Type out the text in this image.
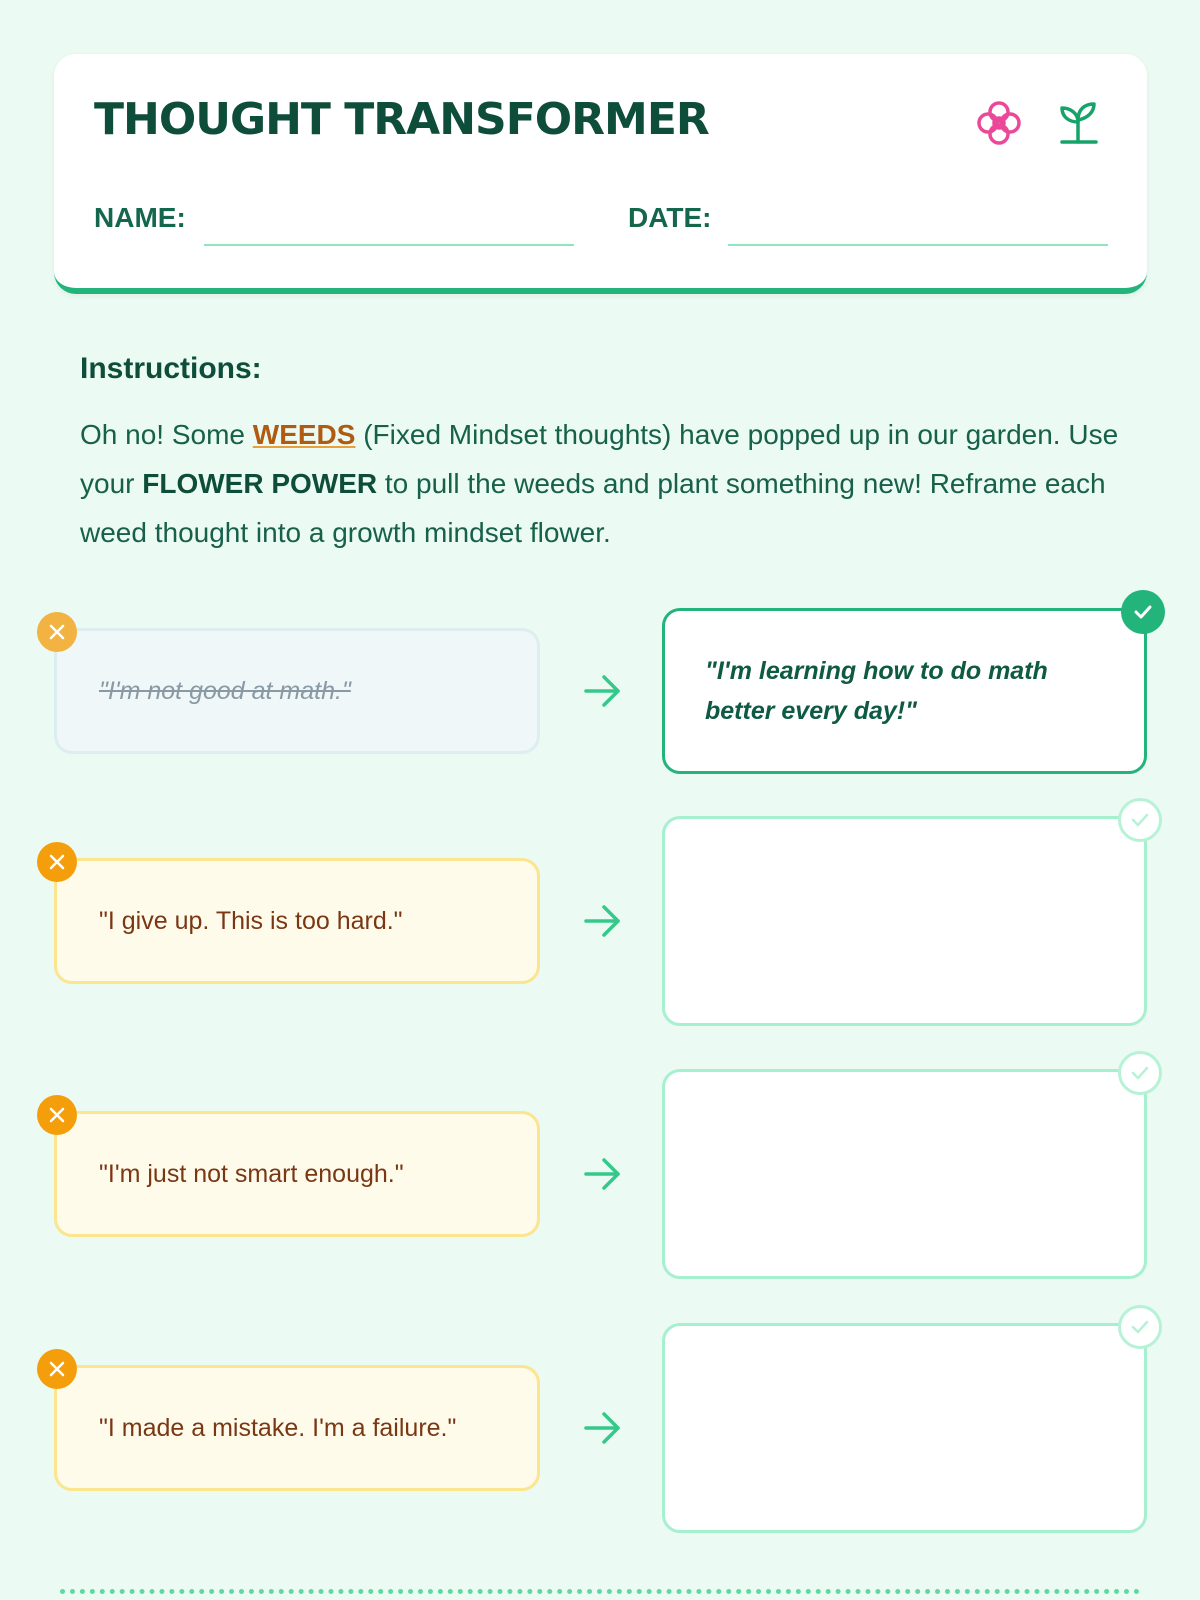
THOUGHT TRANSFORMER
NAME:	DATE:
Instructions:

Oh no! Some WEEDS (Fixed Mindset thoughts) have popped up in our garden. Use your FLOWER POWER to pull the weeds and plant something new! Reframe each weed thought into a growth mindset flower.

"I'm not good at math."
"I'm learning how to do math better every day!"
"I give up. This is too hard."
"I'm just not smart enough."
"I made a mistake. I'm a failure."
